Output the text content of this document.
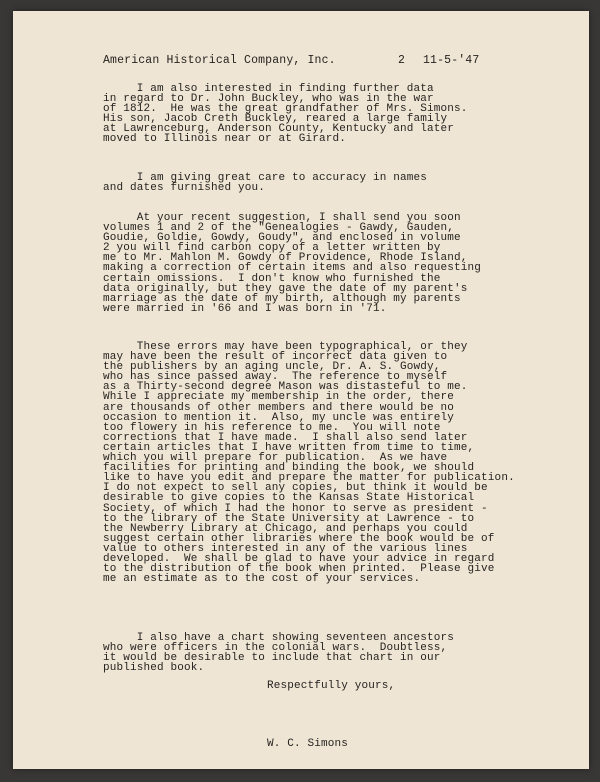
American Historical Company, Inc.

	2

11-5-'47

I am also interested in finding further data
in regard to Dr. John Buckley, who was in the war
of 1812.  He was the great grandfather of Mrs. Simons.
His son, Jacob Creth Buckley, reared a large family
at Lawrenceburg, Anderson County, Kentucky and later
moved to Illinois near or at Girard.
I am giving great care to accuracy in names
and dates furnished you.
At your recent suggestion, I shall send you soon
volumes 1 and 2 of the "Genealogies - Gawdy, Gauden,
Goudie, Goldie, Gowdy, Goudy", and enclosed in volume
2 you will find carbon copy of a letter written by
me to Mr. Mahlon M. Gowdy of Providence, Rhode Island,
making a correction of certain items and also requesting
certain omissions.  I don't know who furnished the
data originally, but they gave the date of my parent's
marriage as the date of my birth, although my parents
were married in '66 and I was born in '71.
These errors may have been typographical, or they
may have been the result of incorrect data given to
the publishers by an aging uncle, Dr. A. S. Gowdy,
who has since passed away.  The reference to myself
as a Thirty-second degree Mason was distasteful to me.
While I appreciate my membership in the order, there
are thousands of other members and there would be no
occasion to mention it.  Also, my uncle was entirely
too flowery in his reference to me.  You will note
corrections that I have made.  I shall also send later
certain articles that I have written from time to time,
which you will prepare for publication.  As we have
facilities for printing and binding the book, we should
like to have you edit and prepare the matter for publication.
I do not expect to sell any copies, but think it would be
desirable to give copies to the Kansas State Historical
Society, of which I had the honor to serve as president -
to the library of the State University at Lawrence - to
the Newberry Library at Chicago, and perhaps you could
suggest certain other libraries where the book would be of
value to others interested in any of the various lines
developed.  We shall be glad to have your advice in regard
to the distribution of the book when printed.  Please give
me an estimate as to the cost of your services.
I also have a chart showing seventeen ancestors
who were officers in the colonial wars.  Doubtless,
it would be desirable to include that chart in our
published book.
Respectfully yours,
W. C. Simons
